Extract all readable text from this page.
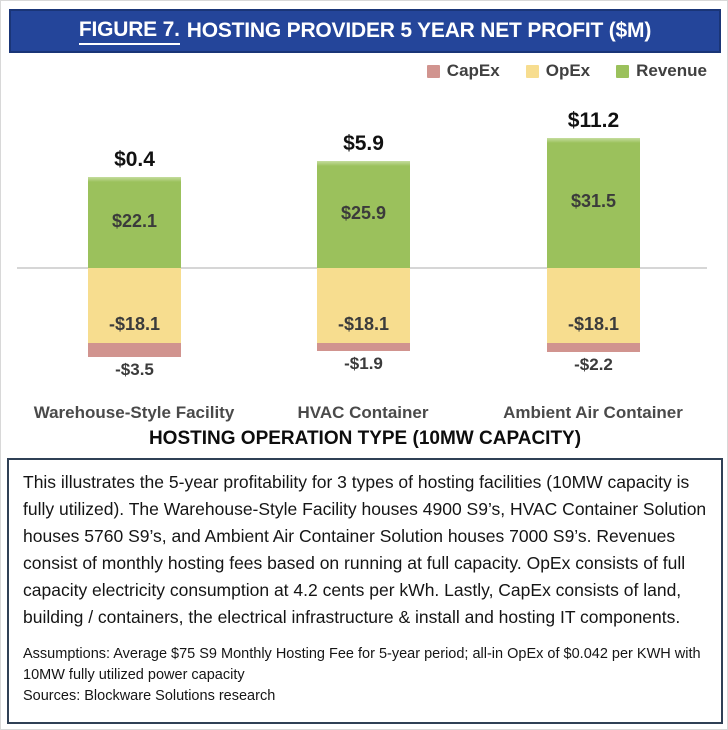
FIGURE 7. HOSTING PROVIDER 5 YEAR NET PROFIT ($M)
CapEx	OpEx	Revenue
$0.4
$22.1
-$18.1
-$3.5
Warehouse-Style Facility
$5.9
$25.9
-$18.1
-$1.9
HVAC Container
$11.2
$31.5
-$18.1
-$2.2
Ambient Air Container
HOSTING OPERATION TYPE (10MW CAPACITY)

This illustrates the 5-year profitability for 3 types of hosting facilities (10MW capacity is fully utilized). The Warehouse-Style Facility houses 4900 S9’s, HVAC Container Solution houses 5760 S9’s, and Ambient Air Container Solution houses 7000 S9’s. Revenues consist of monthly hosting fees based on running at full capacity. OpEx consists of full capacity electricity consumption at 4.2 cents per kWh. Lastly, CapEx consists of land, building / containers, the electrical infrastructure & install and hosting IT components.

Assumptions: Average $75 S9 Monthly Hosting Fee for 5-year period; all-in OpEx of $0.042 per KWH with 10MW fully utilized power capacity

Sources: Blockware Solutions research
